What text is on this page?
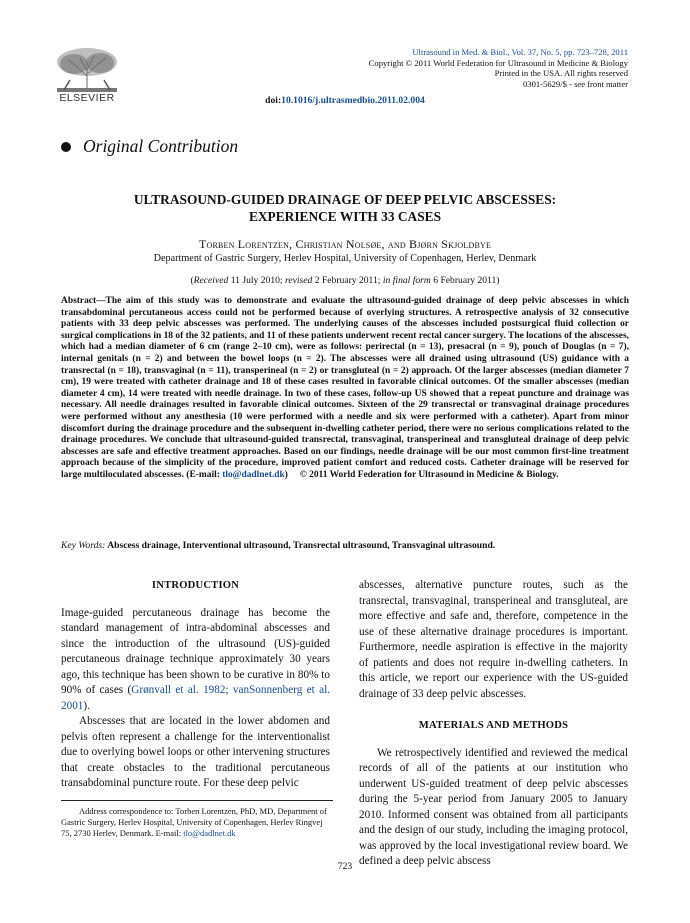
ELSEVIER
Ultrasound in Med. & Biol., Vol. 37, No. 5, pp. 723–728, 2011
Copyright © 2011 World Federation for Ultrasound in Medicine & Biology
Printed in the USA. All rights reserved
0301-5629/$ - see front matter
doi:10.1016/j.ultrasmedbio.2011.02.004
Original Contribution
ULTRASOUND-GUIDED DRAINAGE OF DEEP PELVIC ABSCESSES:
EXPERIENCE WITH 33 CASES
Torben Lorentzen, Christian Nolsøe, and Bjørn Skjoldbye
Department of Gastric Surgery, Herlev Hospital, University of Copenhagen, Herlev, Denmark
(Received 11 July 2010; revised 2 February 2011; in final form 6 February 2011)
Abstract—The aim of this study was to demonstrate and evaluate the ultrasound-guided drainage of deep pelvic abscesses in which transabdominal percutaneous access could not be performed because of overlying structures. A retrospective analysis of 32 consecutive patients with 33 deep pelvic abscesses was performed. The underlying causes of the abscesses included postsurgical fluid collection or surgical complications in 18 of the 32 patients, and 11 of these patients underwent recent rectal cancer surgery. The locations of the abscesses, which had a median diameter of 6 cm (range 2–10 cm), were as follows: perirectal (n = 13), presacral (n = 9), pouch of Douglas (n = 7), internal genitals (n = 2) and between the bowel loops (n = 2). The abscesses were all drained using ultrasound (US) guidance with a transrectal (n = 18), transvaginal (n = 11), transperineal (n = 2) or transgluteal (n = 2) approach. Of the larger abscesses (median diameter 7 cm), 19 were treated with catheter drainage and 18 of these cases resulted in favorable clinical outcomes. Of the smaller abscesses (median diameter 4 cm), 14 were treated with needle drainage. In two of these cases, follow-up US showed that a repeat puncture and drainage was necessary. All needle drainages resulted in favorable clinical outcomes. Sixteen of the 29 transrectal or transvaginal drainage procedures were performed without any anesthesia (10 were performed with a needle and six were performed with a catheter). Apart from minor discomfort during the drainage procedure and the subsequent in-dwelling catheter period, there were no serious complications related to the drainage procedures. We conclude that ultrasound-guided transrectal, transvaginal, transperineal and transgluteal drainage of deep pelvic abscesses are safe and effective treatment approaches. Based on our findings, needle drainage will be our most common first-line treatment approach because of the simplicity of the procedure, improved patient comfort and reduced costs. Catheter drainage will be reserved for large multiloculated abscesses. (E-mail: tlo@dadlnet.dk)     © 2011 World Federation for Ultrasound in Medicine & Biology.
Key Words: Abscess drainage, Interventional ultrasound, Transrectal ultrasound, Transvaginal ultrasound.
INTRODUCTION

Image-guided percutaneous drainage has become the standard management of intra-abdominal abscesses and since the introduction of the ultrasound (US)-guided percutaneous drainage technique approximately 30 years ago, this technique has been shown to be curative in 80% to 90% of cases (Grønvall et al. 1982; vanSonnenberg et al. 2001).

Abscesses that are located in the lower abdomen and pelvis often represent a challenge for the interventionalist due to overlying bowel loops or other intervening structures that create obstacles to the traditional percutaneous transabdominal puncture route. For these deep pelvic

abscesses, alternative puncture routes, such as the transrectal, transvaginal, transperineal and transgluteal, are more effective and safe and, therefore, competence in the use of these alternative drainage procedures is important. Furthermore, needle aspiration is effective in the majority of patients and does not require in-dwelling catheters. In this article, we report our experience with the US-guided drainage of 33 deep pelvic abscesses.

MATERIALS AND METHODS

We retrospectively identified and reviewed the medical records of all of the patients at our institution who underwent US-guided treatment of deep pelvic abscesses during the 5-year period from January 2005 to January 2010. Informed consent was obtained from all participants and the design of our study, including the imaging protocol, was approved by the local investigational review board. We defined a deep pelvic abscess

Address correspondence to: Torben Lorentzen, PhD, MD, Department of Gastric Surgery, Herlev Hospital, University of Copenhagen, Herlev Ringvej 75, 2730 Herlev, Denmark. E-mail: tlo@dadlnet.dk
723
